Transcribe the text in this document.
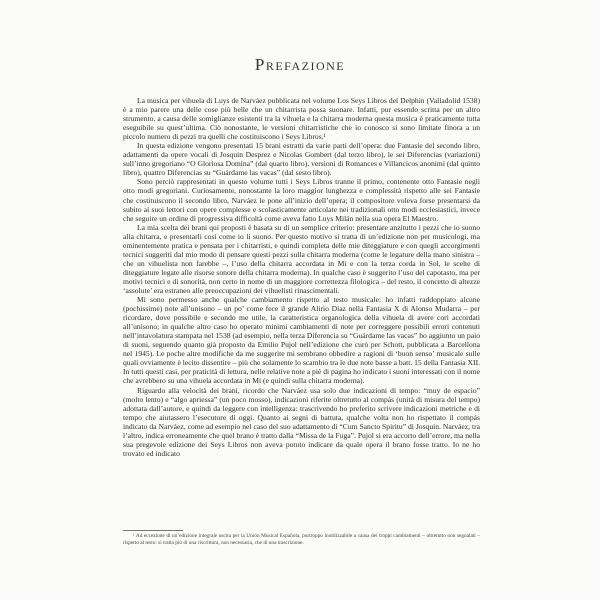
Prefazione

La musica per vihuela di Luys de Narváez pubblicata nel volume Los Seys Libros del Delphin (Valladolid 1538) è a mio parere una delle cose più belle che un chitarrista possa suonare. Infatti, pur essendo scritta per un altro strumento, a causa delle somiglianze esistenti tra la vihuela e la chitarra moderna questa musica è praticamente tutta eseguibile su quest’ultima. Ciò nonostante, le versioni chitarristiche che io conosco si sono limitate finora a un piccolo numero di pezzi tra quelli che costituiscono i Seys Libros.¹

In questa edizione vengono presentati 15 brani estratti da varie parti dell’opera: due Fantasie del secondo libro, adattamenti da opere vocali di Josquin Desprez e Nicolas Gombert (dal terzo libro), le sei Diferencias (variazioni) sull’inno gregoriano “O Gloriosa Domina” (dal quarto libro), versioni di Romances e Villancicos anonimi (dal quinto libro), quattro Diferencias su “Guárdame las vacas” (dal sesto libro).

Sono perciò rappresentati in questo volume tutti i Seys Libros tranne il primo, contenente otto Fantasie negli otto modi gregoriani. Curiosamente, nonostante la loro maggior lunghezza e complessità rispetto alle sei Fantasie che costituiscono il secondo libro, Narváez le pone all’inizio dell’opera; il compositore voleva forse presentarsi da subito ai suoi lettori con opere complesse e scolasticamente articolate nei tradizionali otto modi ecclesiastici, invece che seguire un ordine di progressiva difficoltà come aveva fatto Luys Milán nella sua opera El Maestro.

La mia scelta dei brani qui proposti è basata su di un semplice criterio: presentare anzitutto i pezzi che io suono alla chitarra, e presentarli così come io li suono. Per questo motivo si tratta di un’edizione non per musicologi, ma eminentemente pratica e pensata per i chitarristi, e quindi completa delle mie diteggiature e con quegli accorgimenti tecnici suggeriti dal mio modo di pensare questi pezzi sulla chitarra moderna (come le legature della mano sinistra – che un vihuelista non farebbe –, l’uso della chitarra accordata in Mi e con la terza corda in Sol, le scelte di diteggiature legate alle risorse sonore della chitarra moderna). In qualche caso è suggerito l’uso del capotasto, ma per motivi tecnici e di sonorità, non certo in nome di un maggiore correttezza filologica – del resto, il concetto di altezze ‘assolute’ era estraneo alle preoccupazioni dei vihuelisti rinascimentali.

Mi sono permesso anche qualche cambiamento rispetto al testo musicale: ho infatti raddoppiato alcune (pochissime) note all’unisono – un po’ come fece il grande Alirio Díaz nella Fantasia X di Alonso Mudarra – per ricordare, dove possibile e secondo me utile, la caratteristica organologica della vihuela di avere cori accordati all’unisono; in qualche altro caso ho operato minimi cambiamenti di note per correggere possibili errori contenuti nell’intavolatura stampata nel 1538 (ad esempio, nella terza Diferencia su “Guárdame las vacas” ho aggiunto un paio di suoni, seguendo quanto già proposto da Emilio Pujol nell’edizione che curò per Schott, pubblicata a Barcellona nel 1945). Le poche altre modifiche da me suggerite mi sembrano obbedire a ragioni di ‘buon senso’ musicale sulle quali ovviamente è lecito dissentire – più che solamente lo scambio tra le due note basse a batt. 15 della Fantasia XII. In tutti questi casi, per praticità di lettura, nelle relative note a piè di pagina ho indicato i suoni interessati con il nome che avrebbero su una vihuela accordata in Mi (e quindi sulla chitarra moderna).

Riguardo alla velocità dei brani, ricordo che Narváez usa solo due indicazioni di tempo: “muy de espacio” (molto lento) e “algo apriessa” (un poco mosso), indicazioni riferite oltretutto al compás (unità di misura del tempo) adottata dall’autore, e quindi da leggere con intelligenza: trascrivendo ho preferito scrivere indicazioni metriche e di tempo che aiutassero l’esecutore di oggi. Quanto ai segni di battuta, qualche volta non ho rispettato il compás indicato da Narváez, come ad esempio nel caso del suo adattamento di “Cum Sancto Spiritu” di Josquin. Narváez, tra l’altro, indica erroneamente che quel brano è tratto dalla “Missa de la Fuga”. Pujol si era accorto dell’errore, ma nella sua pregevole edizione dei Seys Libros non aveva potuto indicare da quale opera il brano fosse tratto. Io ne ho trovato ed indicato

¹ Ad eccezione di un’edizione integrale uscita per la Unión Musical Española, purtroppo inutilizzabile a causa dei troppi cambiamenti – oltretutto non segnalati – rispetto al testo: si tratta più di una riscrittura, non necessaria, che di una trascrizione.
